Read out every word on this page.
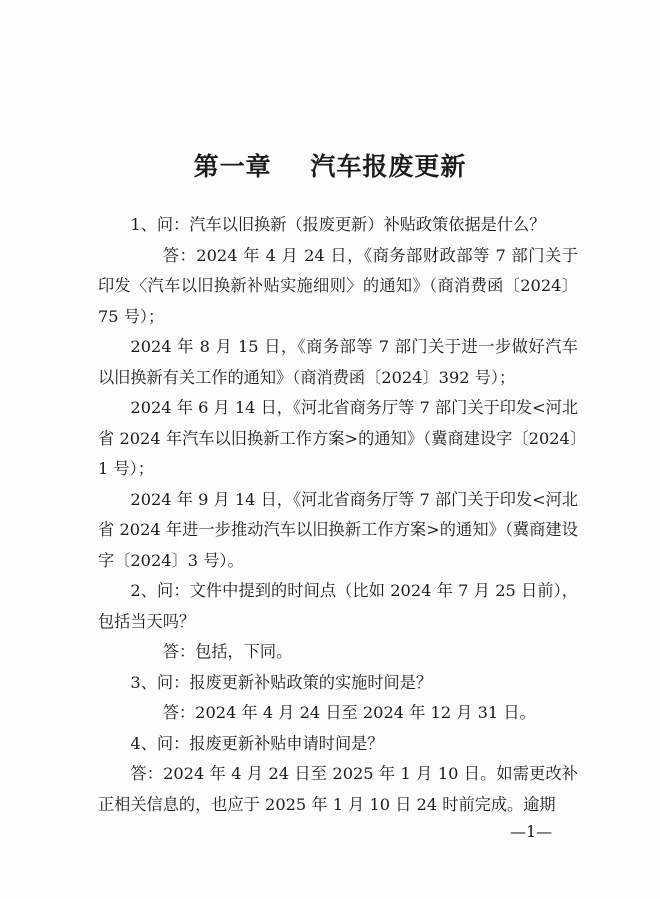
第一章    汽车报废更新

1、问：汽车以旧换新（报废更新）补贴政策依据是什么？

答：2024 年 4 月 24 日，《商务部财政部等 7 部门关于印发〈汽车以旧换新补贴实施细则〉的通知》（商消费函〔2024〕75 号）；

2024 年 8 月 15 日，《商务部等 7 部门关于进一步做好汽车以旧换新有关工作的通知》（商消费函〔2024〕392 号）；

2024 年 6 月 14 日，《河北省商务厅等 7 部门关于印发<河北省 2024 年汽车以旧换新工作方案>的通知》（冀商建设字〔2024〕1 号）；

2024 年 9 月 14 日，《河北省商务厅等 7 部门关于印发<河北省 2024 年进一步推动汽车以旧换新工作方案>的通知》（冀商建设字〔2024〕3 号）。

2、问：文件中提到的时间点（比如 2024 年 7 月 25 日前），包括当天吗？

答：包括，下同。

3、问：报废更新补贴政策的实施时间是？

答：2024 年 4 月 24 日至 2024 年 12 月 31 日。

4、问：报废更新补贴申请时间是？

答：2024 年 4 月 24 日至 2025 年 1 月 10 日。如需更改补正相关信息的，也应于 2025 年 1 月 10 日 24 时前完成。逾期

—1—
